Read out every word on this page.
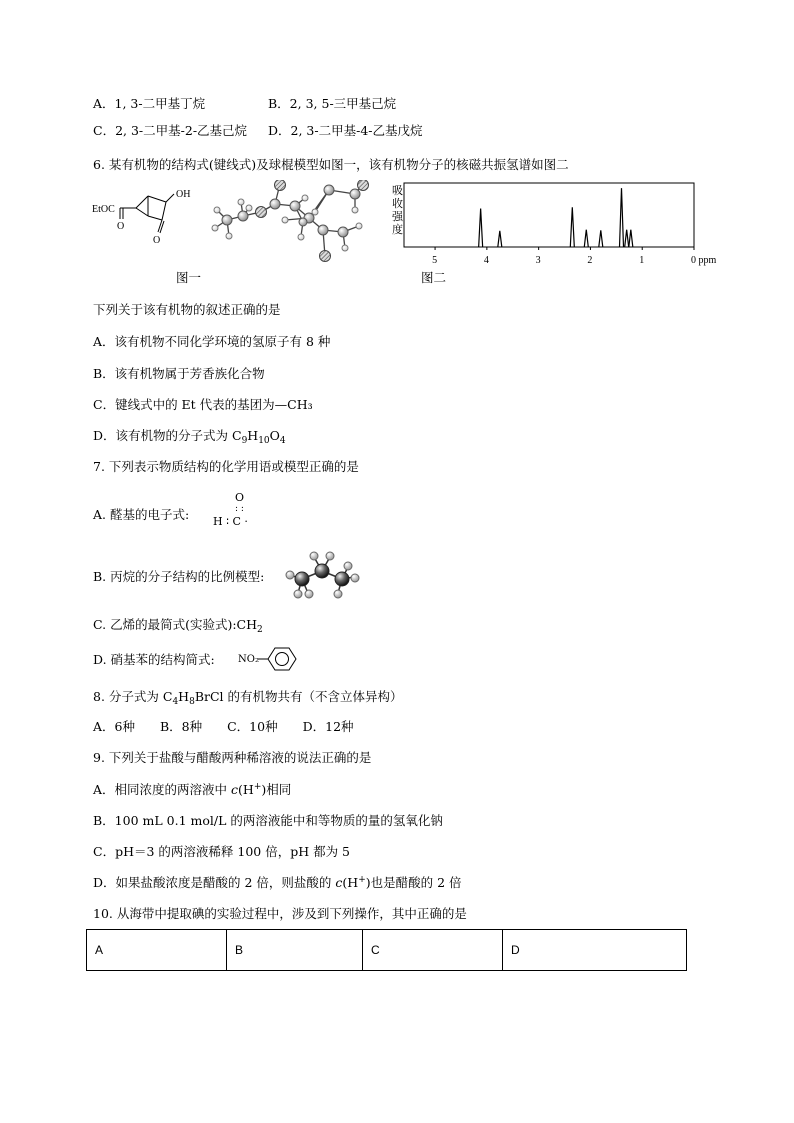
A．1, 3-二甲基丁烷	B．2, 3, 5-三甲基己烷
C．2, 3-二甲基-2-乙基己烷 D．2, 3-二甲基-4-乙基戊烷
6. 某有机物的结构式(键线式)及球棍模型如图一，该有机物分子的核磁共振氢谱如图二
EtOC
O
OH
O
图一
吸
收
强
度
5	4	3	2	1	0 ppm
图二
下列关于该有机物的叙述正确的是
A．该有机物不同化学环境的氢原子有 8 种
B．该有机物属于芳香族化合物
C．键线式中的 Et 代表的基团为—CH₃
D．该有机物的分子式为 $C_9H_{10}O_4$
7. 下列表示物质结构的化学用语或模型正确的是
A. 醛基的电子式:
O
: :
H ∶ C ·
B. 丙烷的分子结构的比例模型:
C. 乙烯的最简式(实验式)$:CH_2$
D. 硝基苯的结构简式: NO₂
8. 分子式为 $C_4H_8BrCl$ 的有机物共有（不含立体异构）
A．6种　　B．8种　　C．10种　　D．12种
9. 下列关于盐酸与醋酸两种稀溶液的说法正确的是
A．相同浓度的两溶液中 c(H+)相同
B．100 mL 0.1 mol/L 的两溶液能中和等物质的量的氢氧化钠
C．pH＝3 的两溶液稀释 100 倍，pH 都为 5
D．如果盐酸浓度是醋酸的 2 倍，则盐酸的 c(H+)也是醋酸的 2 倍
10. 从海带中提取碘的实验过程中，涉及到下列操作，其中正确的是
A	B	C	D
